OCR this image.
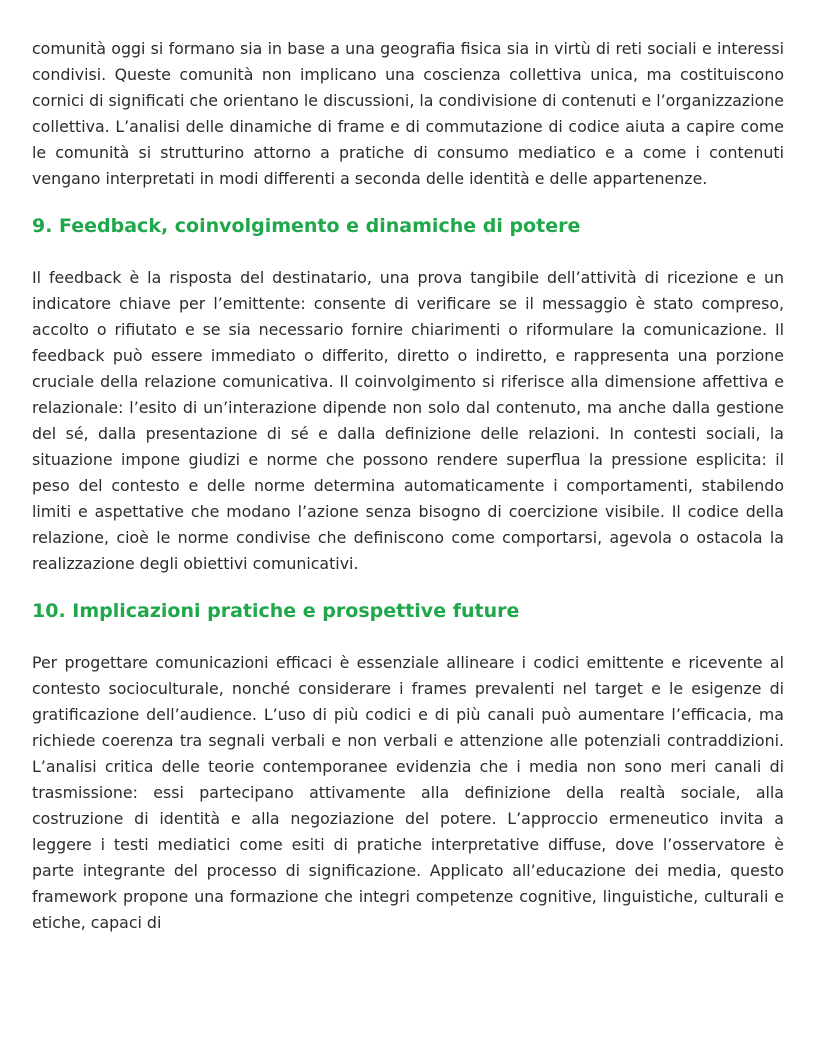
comunità oggi si formano sia in base a una geografia fisica sia in virtù di reti sociali e interessi condivisi. Queste comunità non implicano una coscienza collettiva unica, ma costituiscono cornici di significati che orientano le discussioni, la condivisione di contenuti e l’organizzazione collettiva. L’analisi delle dinamiche di frame e di commutazione di codice aiuta a capire come le comunità si strutturino attorno a pratiche di consumo mediatico e a come i contenuti vengano interpretati in modi differenti a seconda delle identità e delle appartenenze.

9. Feedback, coinvolgimento e dinamiche di potere

Il feedback è la risposta del destinatario, una prova tangibile dell’attività di ricezione e un indicatore chiave per l’emittente: consente di verificare se il messaggio è stato compreso, accolto o rifiutato e se sia necessario fornire chiarimenti o riformulare la comunicazione. Il feedback può essere immediato o differito, diretto o indiretto, e rappresenta una porzione cruciale della relazione comunicativa. Il coinvolgimento si riferisce alla dimensione affettiva e relazionale: l’esito di un’interazione dipende non solo dal contenuto, ma anche dalla gestione del sé, dalla presentazione di sé e dalla definizione delle relazioni. In contesti sociali, la situazione impone giudizi e norme che possono rendere superflua la pressione esplicita: il peso del contesto e delle norme determina automaticamente i comportamenti, stabilendo limiti e aspettative che modano l’azione senza bisogno di coercizione visibile. Il codice della relazione, cioè le norme condivise che definiscono come comportarsi, agevola o ostacola la realizzazione degli obiettivi comunicativi.

10. Implicazioni pratiche e prospettive future

Per progettare comunicazioni efficaci è essenziale allineare i codici emittente e ricevente al contesto socioculturale, nonché considerare i frames prevalenti nel target e le esigenze di gratificazione dell’audience. L’uso di più codici e di più canali può aumentare l’efficacia, ma richiede coerenza tra segnali verbali e non verbali e attenzione alle potenziali contraddizioni. L’analisi critica delle teorie contemporanee evidenzia che i media non sono meri canali di trasmissione: essi partecipano attivamente alla definizione della realtà sociale, alla costruzione di identità e alla negoziazione del potere. L’approccio ermeneutico invita a leggere i testi mediatici come esiti di pratiche interpretative diffuse, dove l’osservatore è parte integrante del processo di significazione. Applicato all’educazione dei media, questo framework propone una formazione che integri competenze cognitive, linguistiche, culturali e etiche, capaci di
